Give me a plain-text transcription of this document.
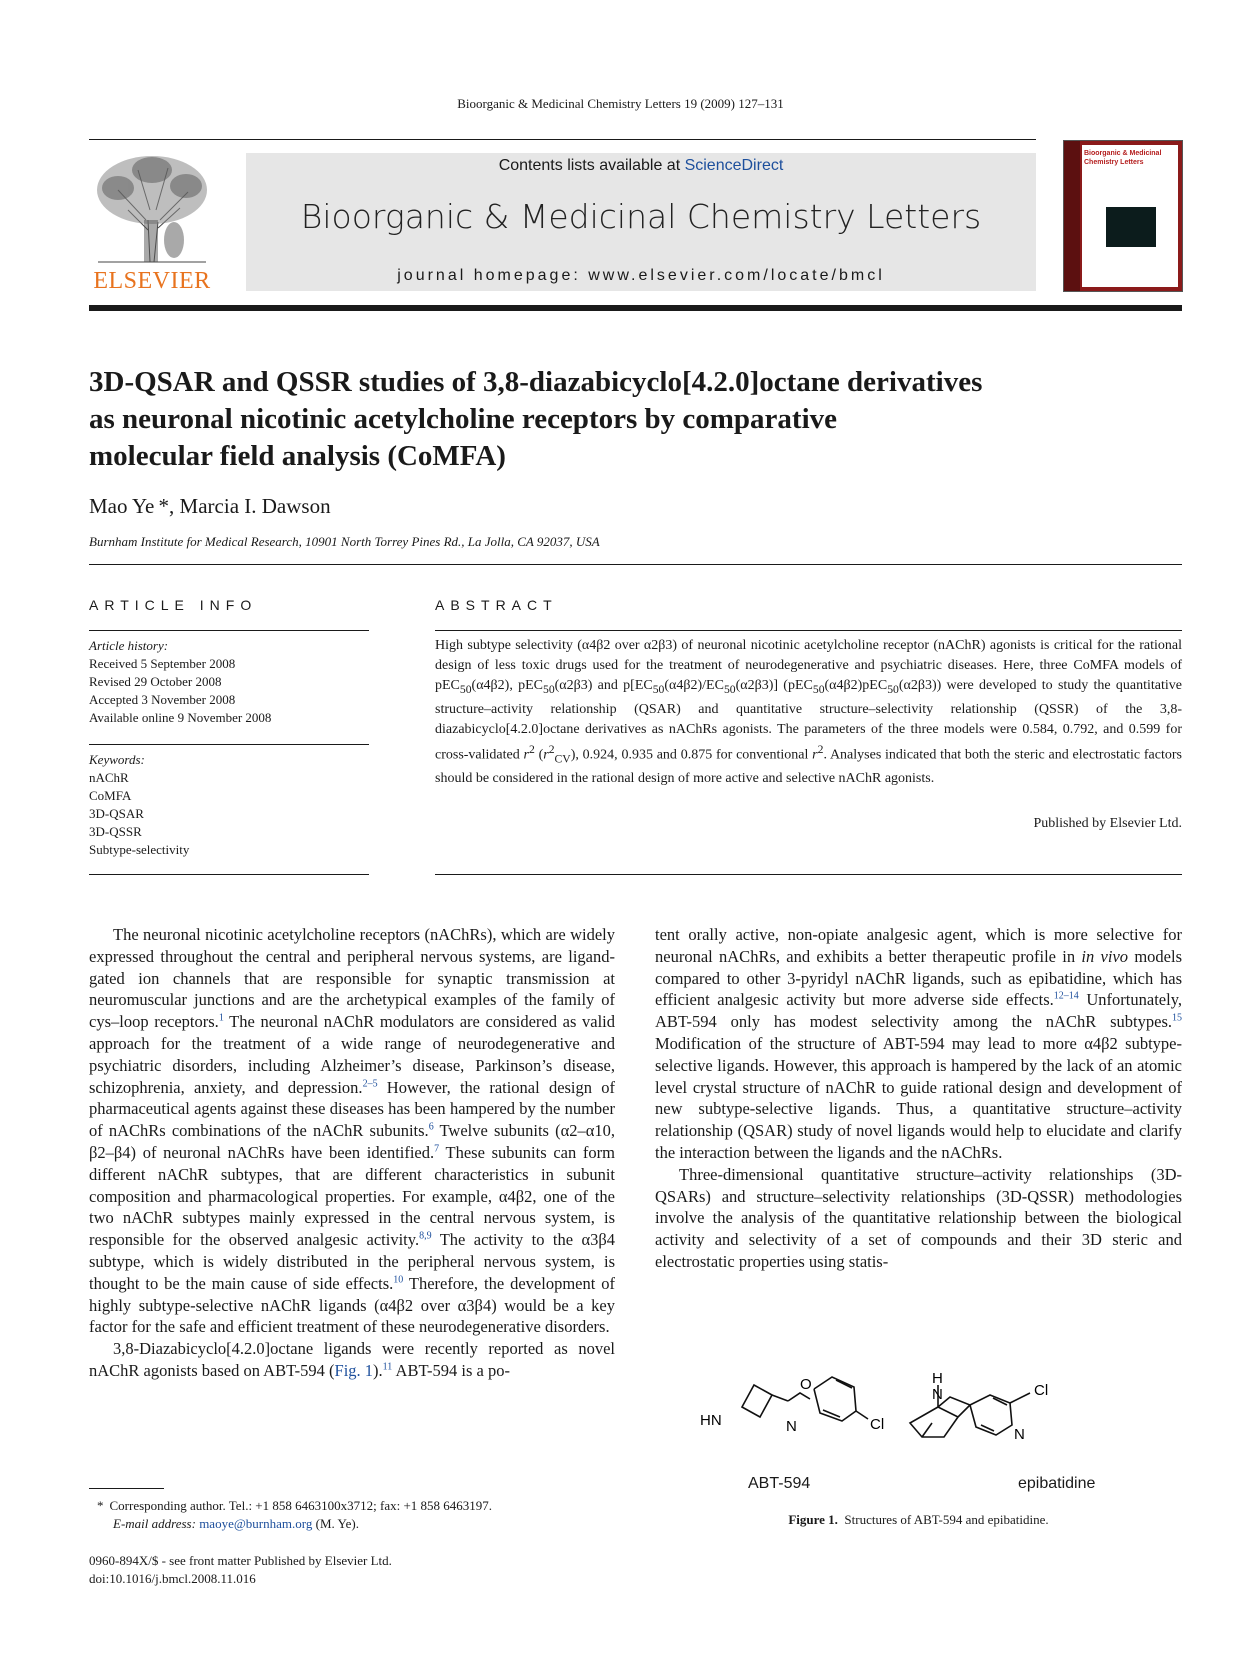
Bioorganic & Medicinal Chemistry Letters 19 (2009) 127–131
ELSEVIER
Contents lists available at ScienceDirect
Bioorganic & Medicinal Chemistry Letters
journal homepage: www.elsevier.com/locate/bmcl
Bioorganic & Medicinal Chemistry Letters
3D-QSAR and QSSR studies of 3,8-diazabicyclo[4.2.0]octane derivatives
as neuronal nicotinic acetylcholine receptors by comparative
molecular field analysis (CoMFA)
Mao Ye *, Marcia I. Dawson
Burnham Institute for Medical Research, 10901 North Torrey Pines Rd., La Jolla, CA 92037, USA
ARTICLE INFO
Article history:
Received 5 September 2008
Revised 29 October 2008
Accepted 3 November 2008
Available online 9 November 2008
Keywords:
nAChR
CoMFA
3D-QSAR
3D-QSSR
Subtype-selectivity
ABSTRACT
High subtype selectivity (α4β2 over α2β3) of neuronal nicotinic acetylcholine receptor (nAChR) agonists is critical for the rational design of less toxic drugs used for the treatment of neurodegenerative and psychiatric diseases. Here, three CoMFA models of pEC$_{50}$(α4β2), pEC$_{50}$(α2β3) and $p[EC_{50}(\alpha 4\beta 2)/EC_{50}(\alpha 2\beta 3)]$ (pEC$_{50}$(α4β2)pEC$_{50}$(α2β3)) were developed to study the quantitative structure–activity relationship (QSAR) and quantitative structure–selectivity relationship (QSSR) of the 3,8-diazabicyclo[4.2.0]octane derivatives as nAChRs agonists. The parameters of the three models were 0.584, 0.792, and 0.599 for cross-validated $r^2$ $(r^2_{CV})$, 0.924, 0.935 and 0.875 for conventional $r^2$. Analyses indicated that both the steric and electrostatic factors should be considered in the rational design of more active and selective nAChR agonists.
Published by Elsevier Ltd.

The neuronal nicotinic acetylcholine receptors (nAChRs), which are widely expressed throughout the central and peripheral nervous systems, are ligand-gated ion channels that are responsible for synaptic transmission at neuromuscular junctions and are the archetypical examples of the family of cys–loop receptors.$^1$ The neuronal nAChR modulators are considered as valid approach for the treatment of a wide range of neurodegenerative and psychiatric disorders, including Alzheimer’s disease, Parkinson’s disease, schizophrenia, anxiety, and depression.$^{2-5}$ However, the rational design of pharmaceutical agents against these diseases has been hampered by the number of nAChRs combinations of the nAChR subunits.$^6$ Twelve subunits (α2–α10, β2–β4) of neuronal nAChRs have been identified.$^7$ These subunits can form different nAChR subtypes, that are different characteristics in subunit composition and pharmacological properties. For example, α4β2, one of the two nAChR subtypes mainly expressed in the central nervous system, is responsible for the observed analgesic activity.$^{8,9}$ The activity to the α3β4 subtype, which is widely distributed in the peripheral nervous system, is thought to be the main cause of side effects.$^{10}$ Therefore, the development of highly subtype-selective nAChR ligands (α4β2 over α3β4) would be a key factor for the safe and efficient treatment of these neurodegenerative disorders.

3,8-Diazabicyclo[4.2.0]octane ligands were recently reported as novel nAChR agonists based on ABT-594 (Fig. 1).$^{11}$ ABT-594 is a po-

tent orally active, non-opiate analgesic agent, which is more selective for neuronal nAChRs, and exhibits a better therapeutic profile in in vivo models compared to other 3-pyridyl nAChR ligands, such as epibatidine, which has efficient analgesic activity but more adverse side effects.$^{12-14}$ Unfortunately, ABT-594 only has modest selectivity among the nAChR subtypes.$^{15}$ Modification of the structure of ABT-594 may lead to more α4β2 subtype-selective ligands. However, this approach is hampered by the lack of an atomic level crystal structure of nAChR to guide rational design and development of new subtype-selective ligands. Thus, a quantitative structure–activity relationship (QSAR) study of novel ligands would help to elucidate and clarify the interaction between the ligands and the nAChRs.

Three-dimensional quantitative structure–activity relationships (3D-QSARs) and structure–selectivity relationships (3D-QSSR) methodologies involve the analysis of the quantitative relationship between the biological activity and selectivity of a set of compounds and their 3D steric and electrostatic properties using statis-

HN
O
N	Cl
H
N
N
Cl
ABT-594	epibatidine
Figure 1. Structures of ABT-594 and epibatidine.
* Corresponding author. Tel.: +1 858 6463100x3712; fax: +1 858 6463197.
E-mail address: maoye@burnham.org (M. Ye).
0960-894X/$ - see front matter Published by Elsevier Ltd.
doi:10.1016/j.bmcl.2008.11.016
